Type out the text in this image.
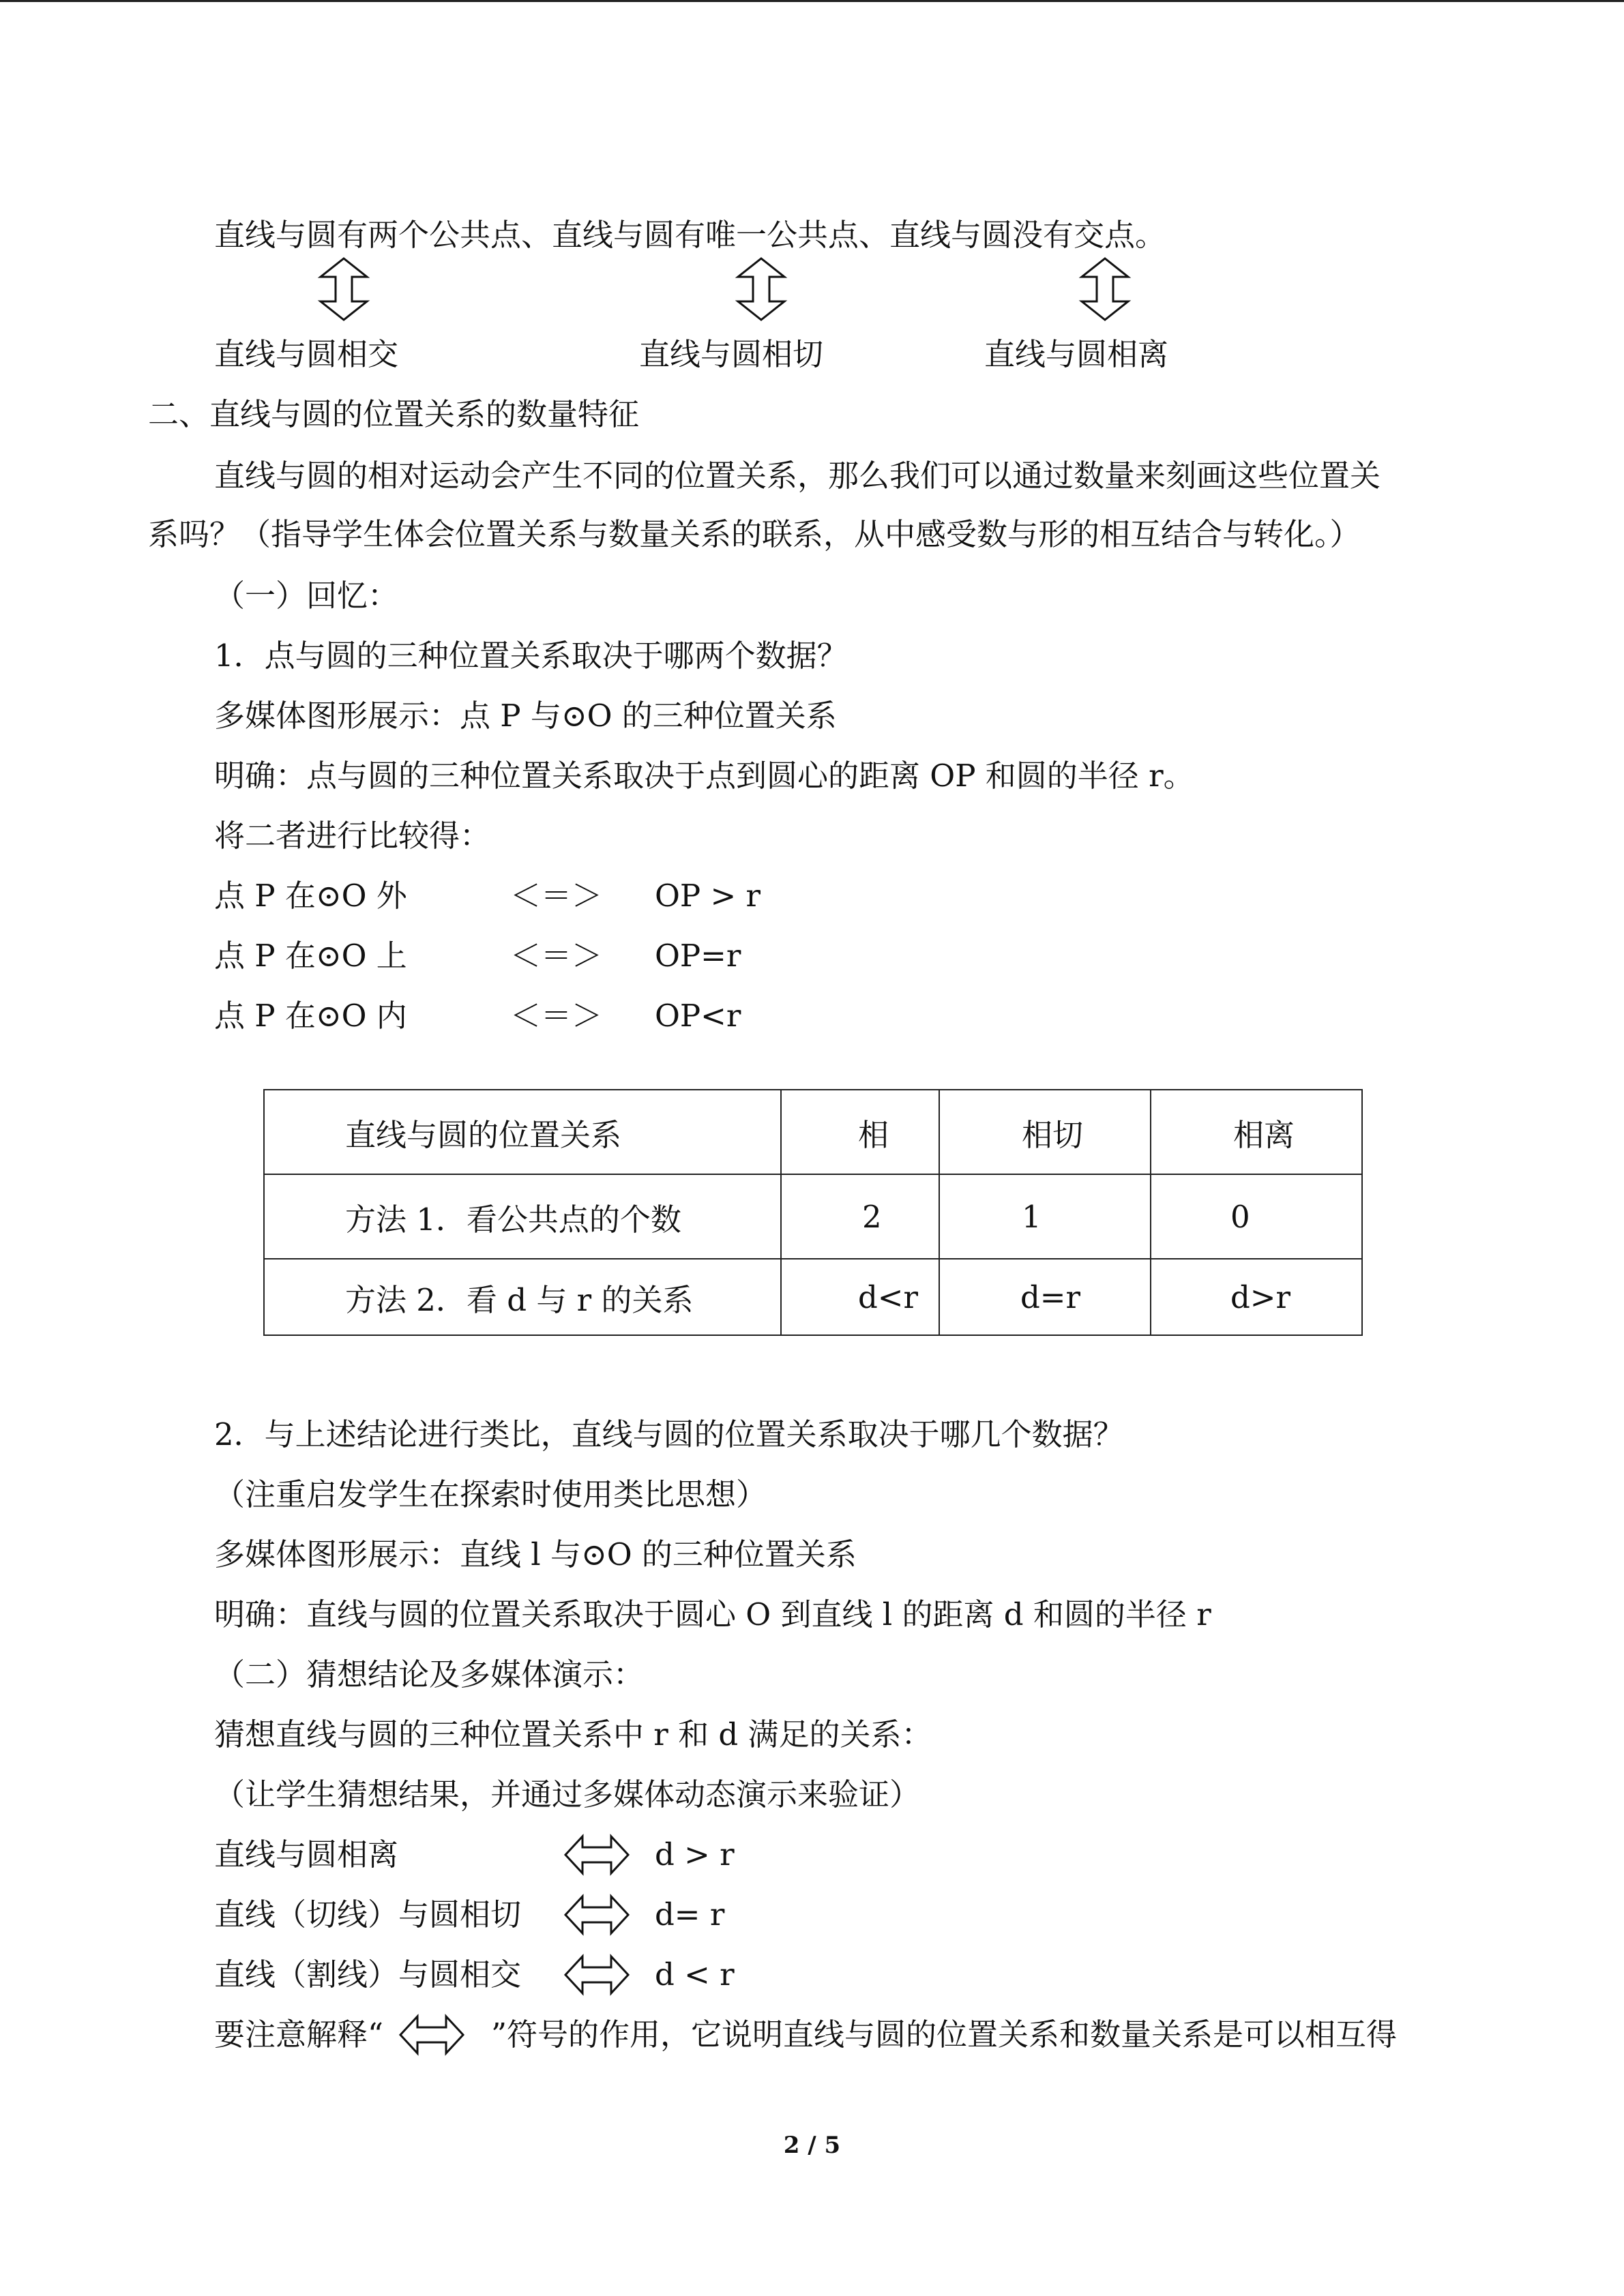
直线与圆有两个公共点、直线与圆有唯一公共点、直线与圆没有交点。
直线与圆相交	直线与圆相切	直线与圆相离
二、直线与圆的位置关系的数量特征
直线与圆的相对运动会产生不同的位置关系，那么我们可以通过数量来刻画这些位置关
系吗？（指导学生体会位置关系与数量关系的联系，从中感受数与形的相互结合与转化。）
（一）回忆：
1．点与圆的三种位置关系取决于哪两个数据？
多媒体图形展示：点 P 与⊙O 的三种位置关系
明确：点与圆的三种位置关系取决于点到圆心的距离 OP 和圆的半径 r。
将二者进行比较得：
点 P 在⊙O 外	＜＝＞ OP > r
点 P 在⊙O 上	＜＝＞ OP=r
点 P 在⊙O 内	＜＝＞ OP<r
直线与圆的位置关系	相	相切	相离
方法 1．看公共点的个数	2	1	0
方法 2．看 d 与 r 的关系	d<r	d=r	d>r
2．与上述结论进行类比，直线与圆的位置关系取决于哪几个数据？
（注重启发学生在探索时使用类比思想）
多媒体图形展示：直线 l 与⊙O 的三种位置关系
明确：直线与圆的位置关系取决于圆心 O 到直线 l 的距离 d 和圆的半径 r
（二）猜想结论及多媒体演示：
猜想直线与圆的三种位置关系中 r 和 d 满足的关系：
（让学生猜想结果，并通过多媒体动态演示来验证）
直线与圆相离	d > r
直线（切线）与圆相切	d= r
直线（割线）与圆相交	d < r
要注意解释“	”符号的作用，它说明直线与圆的位置关系和数量关系是可以相互得
2 / 5
